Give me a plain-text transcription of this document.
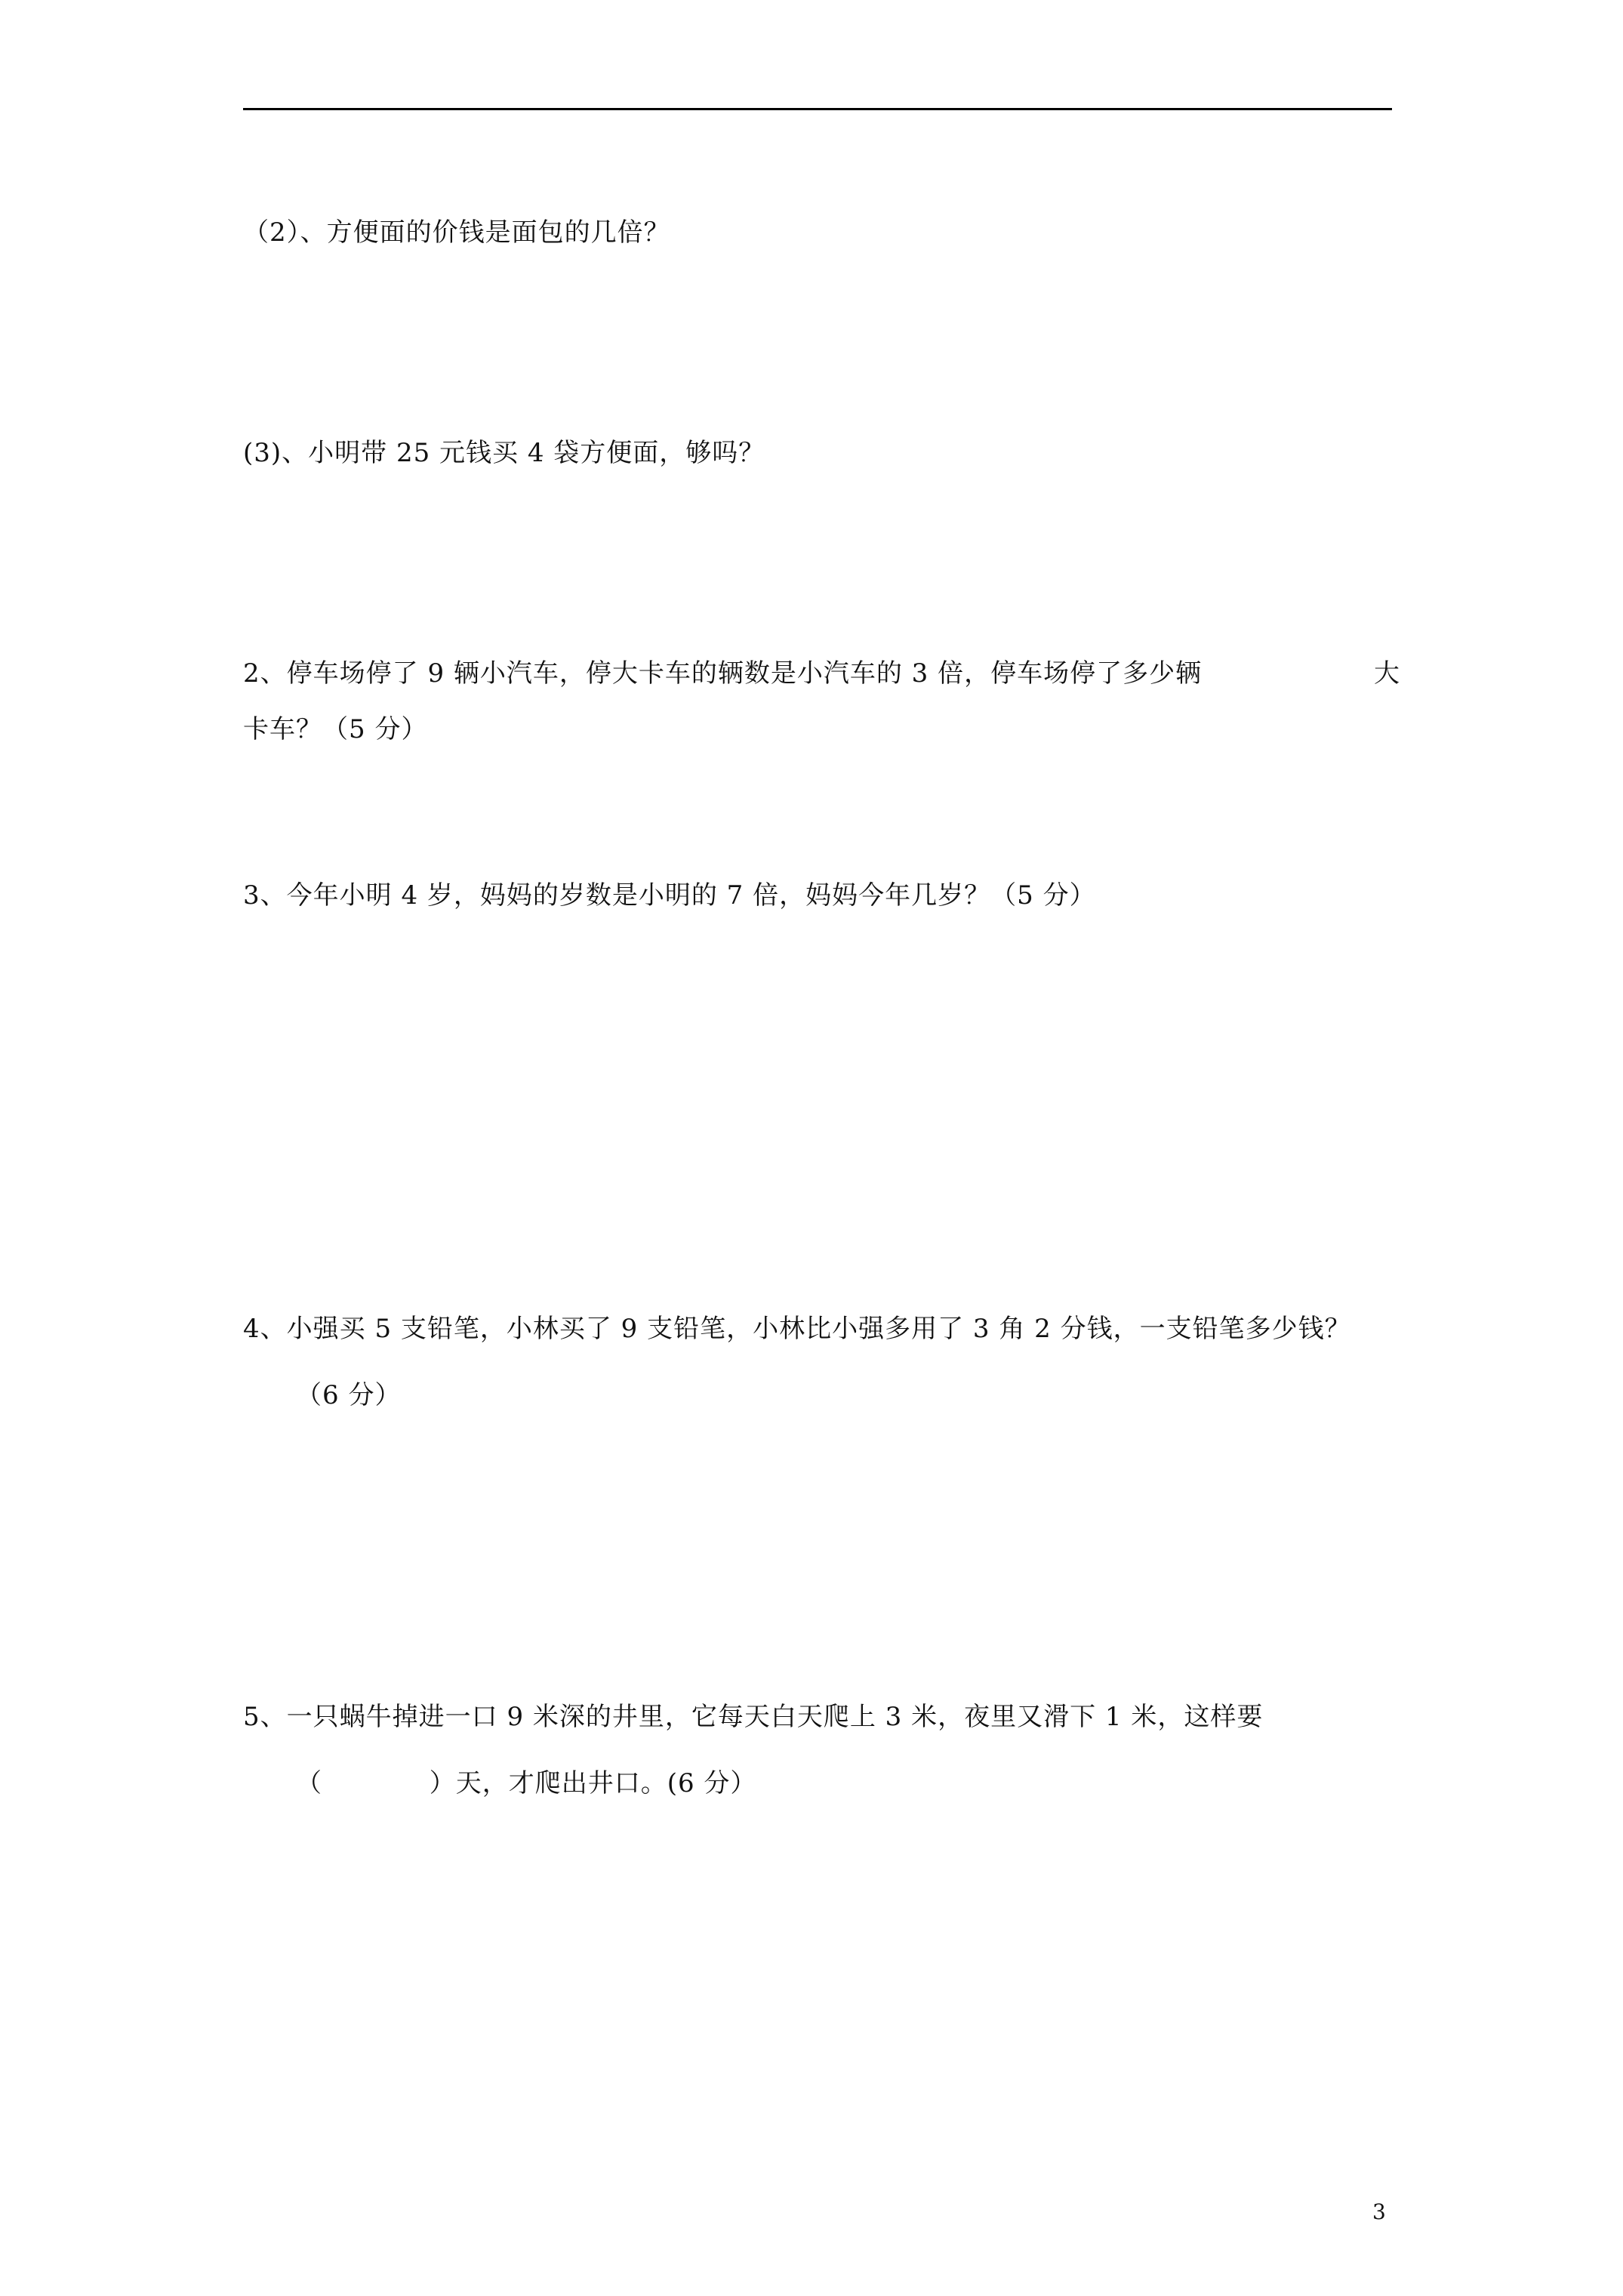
（2）、方便面的价钱是面包的几倍？
(3)、小明带 25 元钱买 4 袋方便面，够吗？
2、停车场停了 9 辆小汽车，停大卡车的辆数是小汽车的 3 倍，停车场停了多少辆	大
卡车？（5 分）
3、今年小明 4 岁，妈妈的岁数是小明的 7 倍，妈妈今年几岁？（5 分）
4、小强买 5 支铅笔，小林买了 9 支铅笔，小林比小强多用了 3 角 2 分钱，一支铅笔多少钱？
（6 分）
5、一只蜗牛掉进一口 9 米深的井里，它每天白天爬上 3 米，夜里又滑下 1 米，这样要
（            ）天，才爬出井口。(6 分）
3
